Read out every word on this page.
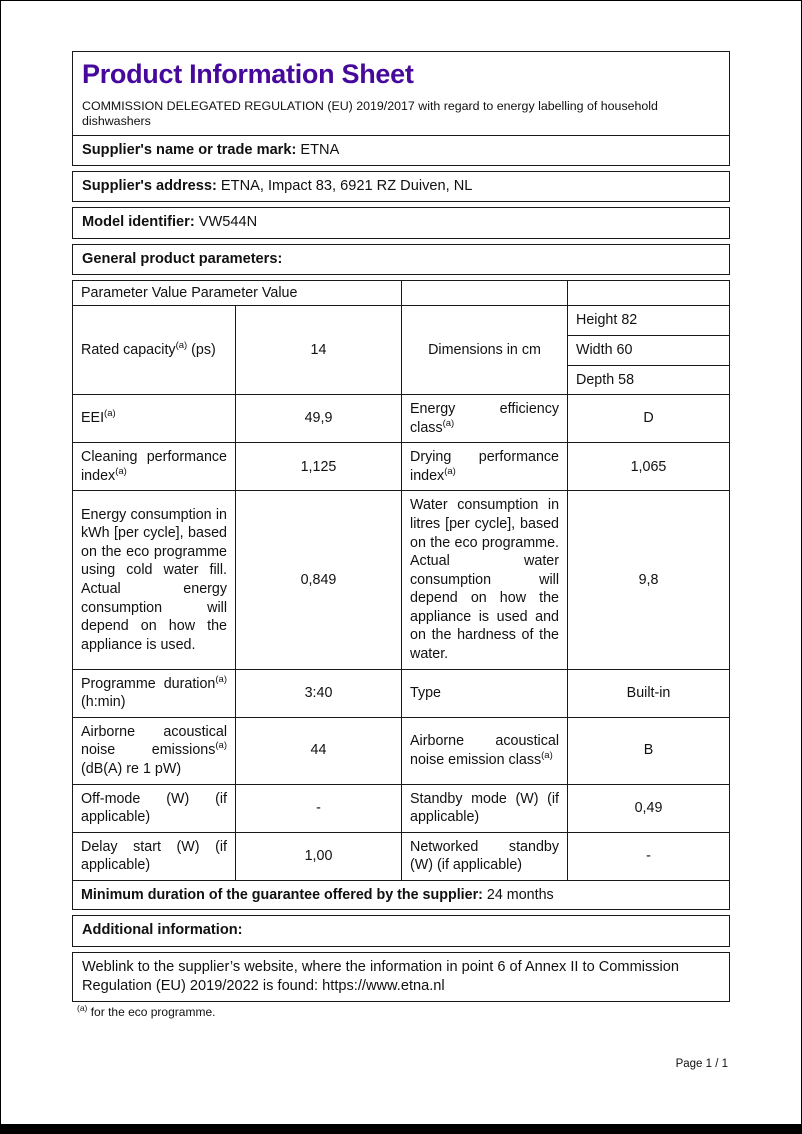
Product Information Sheet
COMMISSION DELEGATED REGULATION (EU) 2019/2017 with regard to energy labelling of household dishwashers
Supplier's name or trade mark: ETNA
Supplier's address: ETNA, Impact 83, 6921 RZ Duiven, NL
Model identifier: VW544N
General product parameters:
Parameter Value Parameter Value			
Rated capacity$^{(a)}$ (ps)	14	Dimensions in cm	Height 82
			Width 60
			Depth 58
EEI$^{(a)}$	49,9	Energy efficiency class$^{(a)}$	D
Cleaning performance index$^{(a)}$	1,125	Drying performance index$^{(a)}$	1,065
Energy consumption in kWh [per cycle], based on the eco programme using cold water fill. Actual energy consumption will depend on how the appliance is used.	0,849	Water consumption in litres [per cycle], based on the eco programme. Actual water consumption will depend on how the appliance is used and on the hardness of the water.	9,8
Programme duration$^{(a)}$ (h:min)	3:40	Type	Built-in
Airborne acoustical noise emissions$^{(a)}$ (dB(A) re 1 pW)	44	Airborne acoustical noise emission class$^{(a)}$	B
Off-mode (W) (if applicable)	-	Standby mode (W) (if applicable)	0,49
Delay start (W) (if applicable)	1,00	Networked standby (W) (if applicable)	-
Minimum duration of the guarantee offered by the supplier: 24 months			
Additional information:
Weblink to the supplier’s website, where the information in point 6 of Annex II to Commission Regulation (EU) 2019/2022 is found: https://www.etna.nl
$^{(a)}$ for the eco programme.
Page 1 / 1
